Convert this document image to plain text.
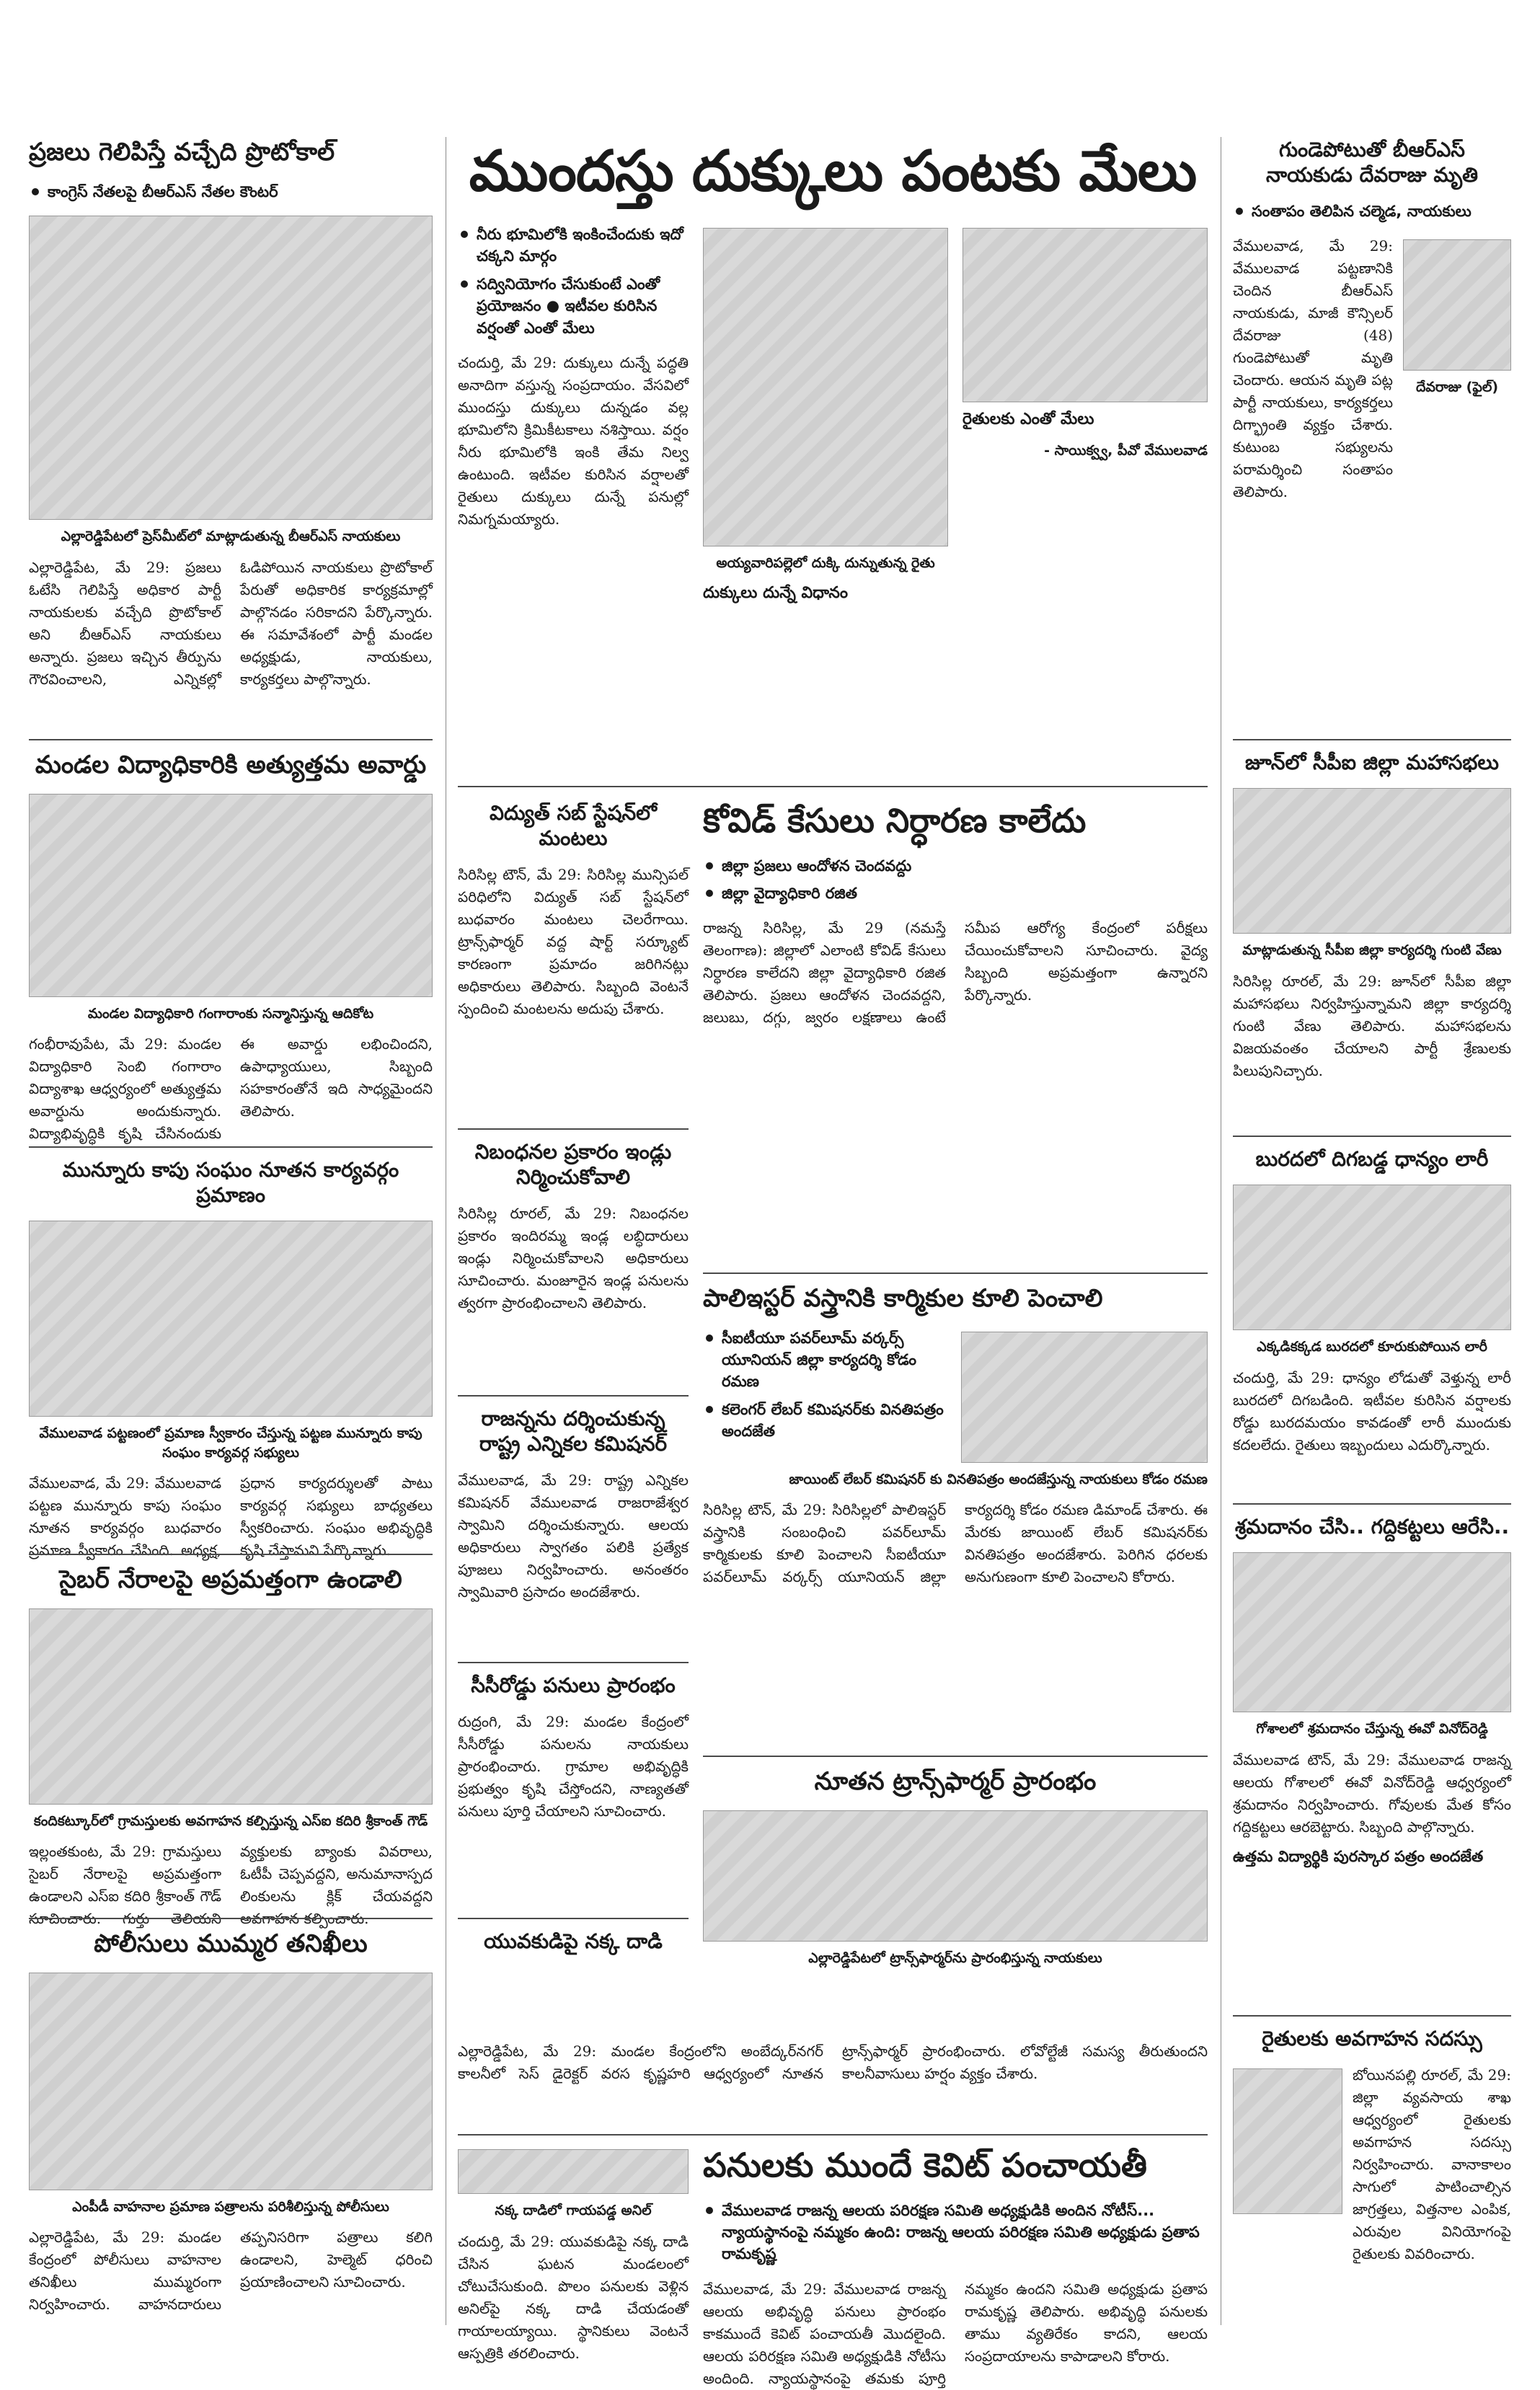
ప్రజలు గెలిపిస్తే వచ్చేది ప్రొటోకాల్
కాంగ్రెస్ నేతలపై బీఆర్ఎస్ నేతల కౌంటర్

ఎల్లారెడ్డిపేటలో ప్రెస్‌మీట్‌లో మాట్లాడుతున్న బీఆర్ఎస్ నాయకులు

ఎల్లారెడ్డిపేట, మే 29: ప్రజలు ఓటేసి గెలిపిస్తే అధికార పార్టీ నాయకులకు వచ్చేది ప్రొటోకాల్ అని బీఆర్ఎస్ నాయకులు అన్నారు. ప్రజలు ఇచ్చిన తీర్పును గౌరవించాలని, ఎన్నికల్లో ఓడిపోయిన నాయకులు ప్రొటోకాల్ పేరుతో అధికారిక కార్యక్రమాల్లో పాల్గొనడం సరికాదని పేర్కొన్నారు. ఈ సమావేశంలో పార్టీ మండల అధ్యక్షుడు, నాయకులు, కార్యకర్తలు పాల్గొన్నారు.
మండల విద్యాధికారికి అత్యుత్తమ అవార్డు

మండల విద్యాధికారి గంగారాంకు సన్మానిస్తున్న ఆదికోట

గంభీరావుపేట, మే 29: మండల విద్యాధికారి సెంబి గంగారాం విద్యాశాఖ ఆధ్వర్యంలో అత్యుత్తమ అవార్డును అందుకున్నారు. విద్యాభివృద్ధికి కృషి చేసినందుకు ఈ అవార్డు లభించిందని, ఉపాధ్యాయులు, సిబ్బంది సహకారంతోనే ఇది సాధ్యమైందని తెలిపారు.
మున్నూరు కాపు సంఘం నూతన కార్యవర్గం ప్రమాణం

వేములవాడ పట్టణంలో ప్రమాణ స్వీకారం చేస్తున్న పట్టణ మున్నూరు కాపు సంఘం కార్యవర్గ సభ్యులు

వేములవాడ, మే 29: వేములవాడ పట్టణ మున్నూరు కాపు సంఘం నూతన కార్యవర్గం బుధవారం ప్రమాణ స్వీకారం చేసింది. అధ్యక్ష, ప్రధాన కార్యదర్శులతో పాటు కార్యవర్గ సభ్యులు బాధ్యతలు స్వీకరించారు. సంఘం అభివృద్ధికి కృషి చేస్తామని పేర్కొన్నారు.
సైబర్ నేరాలపై అప్రమత్తంగా ఉండాలి

కందికట్కూర్‌లో గ్రామస్తులకు అవగాహన కల్పిస్తున్న ఎస్ఐ కదిరి శ్రీకాంత్ గౌడ్

ఇల్లంతకుంట, మే 29: గ్రామస్తులు సైబర్ నేరాలపై అప్రమత్తంగా ఉండాలని ఎస్ఐ కదిరి శ్రీకాంత్ గౌడ్ సూచించారు. గుర్తు తెలియని వ్యక్తులకు బ్యాంకు వివరాలు, ఓటీపీ చెప్పవద్దని, అనుమానాస్పద లింకులను క్లిక్ చేయవద్దని అవగాహన కల్పించారు.
పోలీసులు ముమ్మర తనిఖీలు

ఎంపీడీ వాహనాల ప్రమాణ పత్రాలను పరిశీలిస్తున్న పోలీసులు

ఎల్లారెడ్డిపేట, మే 29: మండల కేంద్రంలో పోలీసులు వాహనాల తనిఖీలు ముమ్మరంగా నిర్వహించారు. వాహనదారులు తప్పనిసరిగా పత్రాలు కలిగి ఉండాలని, హెల్మెట్ ధరించి ప్రయాణించాలని సూచించారు.
ముందస్తు దుక్కులు పంటకు మేలు
నీరు భూమిలోకి ఇంకించేందుకు ఇదో చక్కని మార్గం
సద్వినియోగం చేసుకుంటే ఎంతో ప్రయోజనం ● ఇటీవల కురిసిన వర్షంతో ఎంతో మేలు
చందుర్తి, మే 29: దుక్కులు దున్నే పద్ధతి అనాదిగా వస్తున్న సంప్రదాయం. వేసవిలో ముందస్తు దుక్కులు దున్నడం వల్ల భూమిలోని క్రిమికీటకాలు నశిస్తాయి. వర్షం నీరు భూమిలోకి ఇంకి తేమ నిల్వ ఉంటుంది. ఇటీవల కురిసిన వర్షాలతో రైతులు దుక్కులు దున్నే పనుల్లో నిమగ్నమయ్యారు.

అయ్యవారిపల్లెలో దుక్కి దున్నుతున్న రైతు

దుక్కులు దున్నే విధానం

రైతులకు ఎంతో మేలు

- సాయిక్వ్వ, పీవో వేములవాడ

విద్యుత్ సబ్ స్టేషన్‌లో మంటలు
సిరిసిల్ల టౌన్, మే 29: సిరిసిల్ల మున్సిపల్ పరిధిలోని విద్యుత్ సబ్ స్టేషన్‌లో బుధవారం మంటలు చెలరేగాయి. ట్రాన్స్‌ఫార్మర్ వద్ద షార్ట్ సర్క్యూట్ కారణంగా ప్రమాదం జరిగినట్లు అధికారులు తెలిపారు. సిబ్బంది వెంటనే స్పందించి మంటలను అదుపు చేశారు.
నిబంధనల ప్రకారం ఇండ్లు నిర్మించుకోవాలి
సిరిసిల్ల రూరల్, మే 29: నిబంధనల ప్రకారం ఇందిరమ్మ ఇండ్ల లబ్ధిదారులు ఇండ్లు నిర్మించుకోవాలని అధికారులు సూచించారు. మంజూరైన ఇండ్ల పనులను త్వరగా ప్రారంభించాలని తెలిపారు.
రాజన్నను దర్శించుకున్న రాష్ట్ర ఎన్నికల కమిషనర్
వేములవాడ, మే 29: రాష్ట్ర ఎన్నికల కమిషనర్ వేములవాడ రాజరాజేశ్వర స్వామిని దర్శించుకున్నారు. ఆలయ అధికారులు స్వాగతం పలికి ప్రత్యేక పూజలు నిర్వహించారు. అనంతరం స్వామివారి ప్రసాదం అందజేశారు.
సీసీరోడ్డు పనులు ప్రారంభం
రుద్రంగి, మే 29: మండల కేంద్రంలో సీసీరోడ్డు పనులను నాయకులు ప్రారంభించారు. గ్రామాల అభివృద్ధికి ప్రభుత్వం కృషి చేస్తోందని, నాణ్యతతో పనులు పూర్తి చేయాలని సూచించారు.
యువకుడిపై నక్క దాడి
కోవిడ్ కేసులు నిర్ధారణ కాలేదు
జిల్లా ప్రజలు ఆందోళన చెందవద్దు
జిల్లా వైద్యాధికారి రజిత
రాజన్న సిరిసిల్ల, మే 29 (నమస్తే తెలంగాణ): జిల్లాలో ఎలాంటి కోవిడ్ కేసులు నిర్ధారణ కాలేదని జిల్లా వైద్యాధికారి రజిత తెలిపారు. ప్రజలు ఆందోళన చెందవద్దని, జలుబు, దగ్గు, జ్వరం లక్షణాలు ఉంటే సమీప ఆరోగ్య కేంద్రంలో పరీక్షలు చేయించుకోవాలని సూచించారు. వైద్య సిబ్బంది అప్రమత్తంగా ఉన్నారని పేర్కొన్నారు.
పాలిఇస్టర్ వస్త్రానికి కార్మికుల కూలి పెంచాలి
సీఐటీయూ పవర్‌లూమ్ వర్కర్స్ యూనియన్ జిల్లా కార్యదర్శి కోడం రమణ
కలెంగర్ లేబర్ కమిషనర్‌కు వినతిపత్రం అందజేత

జాయింట్ లేబర్ కమిషనర్ కు వినతిపత్రం అందజేస్తున్న నాయకులు కోడం రమణ

సిరిసిల్ల టౌన్, మే 29: సిరిసిల్లలో పాలిఇస్టర్ వస్త్రానికి సంబంధించి పవర్‌లూమ్ కార్మికులకు కూలి పెంచాలని సీఐటీయూ పవర్‌లూమ్ వర్కర్స్ యూనియన్ జిల్లా కార్యదర్శి కోడం రమణ డిమాండ్ చేశారు. ఈ మేరకు జాయింట్ లేబర్ కమిషనర్‌కు వినతిపత్రం అందజేశారు. పెరిగిన ధరలకు అనుగుణంగా కూలి పెంచాలని కోరారు.
నూతన ట్రాన్స్‌ఫార్మర్ ప్రారంభం

ఎల్లారెడ్డిపేటలో ట్రాన్స్‌ఫార్మర్‌ను ప్రారంభిస్తున్న నాయకులు

ఎల్లారెడ్డిపేట, మే 29: మండల కేంద్రంలోని అంబేద్కర్‌నగర్ కాలనీలో సెస్ డైరెక్టర్ వరస కృష్ణహరి ఆధ్వర్యంలో నూతన ట్రాన్స్‌ఫార్మర్ ప్రారంభించారు. లోవోల్టేజీ సమస్య తీరుతుందని కాలనీవాసులు హర్షం వ్యక్తం చేశారు.

నక్క దాడిలో గాయపడ్డ అనిల్

చందుర్తి, మే 29: యువకుడిపై నక్క దాడి చేసిన ఘటన మండలంలో చోటుచేసుకుంది. పొలం పనులకు వెళ్లిన అనిల్‌పై నక్క దాడి చేయడంతో గాయాలయ్యాయి. స్థానికులు వెంటనే ఆస్పత్రికి తరలించారు.
పనులకు ముందే కెవిట్ పంచాయతీ
వేములవాడ రాజన్న ఆలయ పరిరక్షణ సమితి అధ్యక్షుడికి అందిన నోటీస్... న్యాయస్థానంపై నమ్మకం ఉంది: రాజన్న ఆలయ పరిరక్షణ సమితి అధ్యక్షుడు ప్రతాప రామకృష్ణ
వేములవాడ, మే 29: వేములవాడ రాజన్న ఆలయ అభివృద్ధి పనులు ప్రారంభం కాకముందే కెవిట్ పంచాయతీ మొదలైంది. ఆలయ పరిరక్షణ సమితి అధ్యక్షుడికి నోటీసు అందింది. న్యాయస్థానంపై తమకు పూర్తి నమ్మకం ఉందని సమితి అధ్యక్షుడు ప్రతాప రామకృష్ణ తెలిపారు. అభివృద్ధి పనులకు తాము వ్యతిరేకం కాదని, ఆలయ సంప్రదాయాలను కాపాడాలని కోరారు.
గుండెపోటుతో బీఆర్ఎస్ నాయకుడు దేవరాజు మృతి
సంతాపం తెలిపిన చల్మెడ, నాయకులు
వేములవాడ, మే 29: వేములవాడ పట్టణానికి చెందిన బీఆర్ఎస్ నాయకుడు, మాజీ కౌన్సిలర్ దేవరాజు (48) గుండెపోటుతో మృతి చెందారు. ఆయన మృతి పట్ల పార్టీ నాయకులు, కార్యకర్తలు దిగ్భ్రాంతి వ్యక్తం చేశారు. కుటుంబ సభ్యులను పరామర్శించి సంతాపం తెలిపారు.

దేవరాజు (ఫైల్)

జూన్‌లో సీపీఐ జిల్లా మహాసభలు

మాట్లాడుతున్న సీపీఐ జిల్లా కార్యదర్శి గుంటి వేణు

సిరిసిల్ల రూరల్, మే 29: జూన్‌లో సీపీఐ జిల్లా మహాసభలు నిర్వహిస్తున్నామని జిల్లా కార్యదర్శి గుంటి వేణు తెలిపారు. మహాసభలను విజయవంతం చేయాలని పార్టీ శ్రేణులకు పిలుపునిచ్చారు.
బురదలో దిగబడ్డ ధాన్యం లారీ

ఎక్కడికక్కడ బురదలో కూరుకుపోయిన లారీ

చందుర్తి, మే 29: ధాన్యం లోడుతో వెళ్తున్న లారీ బురదలో దిగబడింది. ఇటీవల కురిసిన వర్షాలకు రోడ్డు బురదమయం కావడంతో లారీ ముందుకు కదలలేదు. రైతులు ఇబ్బందులు ఎదుర్కొన్నారు.
శ్రమదానం చేసి.. గద్దికట్టలు ఆరేసి..

గోశాలలో శ్రమదానం చేస్తున్న ఈవో వినోద్‌రెడ్డి

వేములవాడ టౌన్, మే 29: వేములవాడ రాజన్న ఆలయ గోశాలలో ఈవో వినోద్‌రెడ్డి ఆధ్వర్యంలో శ్రమదానం నిర్వహించారు. గోవులకు మేత కోసం గద్దికట్టలు ఆరబెట్టారు. సిబ్బంది పాల్గొన్నారు.

ఉత్తమ విద్యార్థికి పురస్కార పత్రం అందజేత

రైతులకు అవగాహన సదస్సు
బోయినపల్లి రూరల్, మే 29: జిల్లా వ్యవసాయ శాఖ ఆధ్వర్యంలో రైతులకు అవగాహన సదస్సు నిర్వహించారు. వానాకాలం సాగులో పాటించాల్సిన జాగ్రత్తలు, విత్తనాల ఎంపిక, ఎరువుల వినియోగంపై రైతులకు వివరించారు.
